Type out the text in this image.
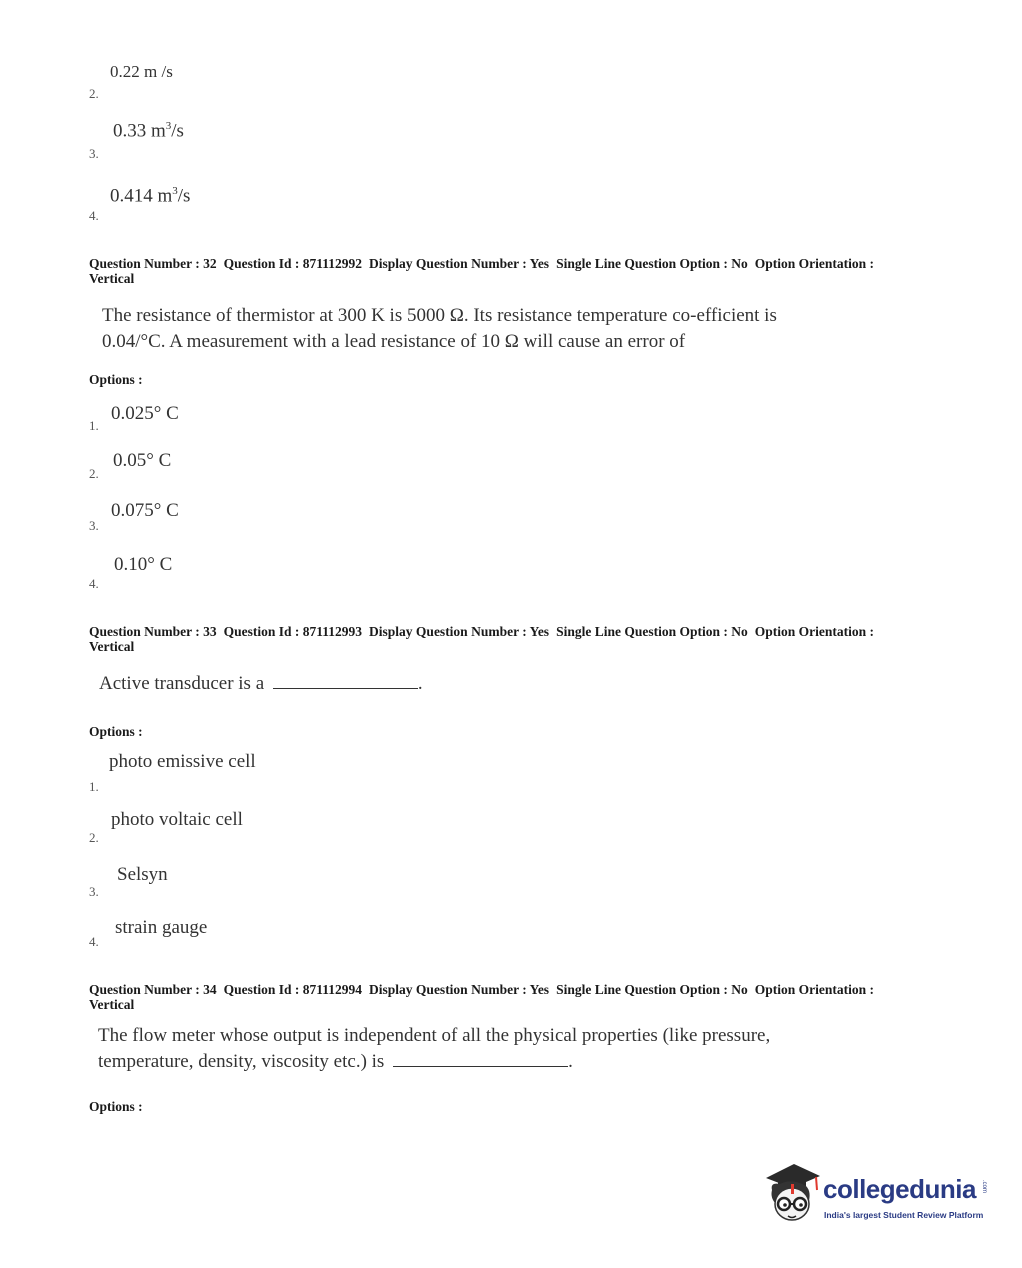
0.22 m /s
2.
0.33 $m^3/s$
3.
0.414 $m^3/s$
4.
Question Number : 32 Question Id : 871112992 Display Question Number : Yes Single Line Question Option : No Option Orientation : Vertical
The resistance of thermistor at 300 K is 5000 Ω. Its resistance temperature co-efficient is
0.04/°C. A measurement with a lead resistance of 10 Ω will cause an error of
Options :
0.025° C
1.
0.05° C
2.
0.075° C
3.
0.10° C
4.
Question Number : 33 Question Id : 871112993 Display Question Number : Yes Single Line Question Option : No Option Orientation : Vertical
Active transducer is a	.
Options :
photo emissive cell
1.
photo voltaic cell
2.
Selsyn
3.
strain gauge
4.
Question Number : 34 Question Id : 871112994 Display Question Number : Yes Single Line Question Option : No Option Orientation : Vertical
The flow meter whose output is independent of all the physical properties (like pressure,
temperature, density, viscosity etc.) is	.
Options :
collegedunia .com
India's largest Student Review Platform
